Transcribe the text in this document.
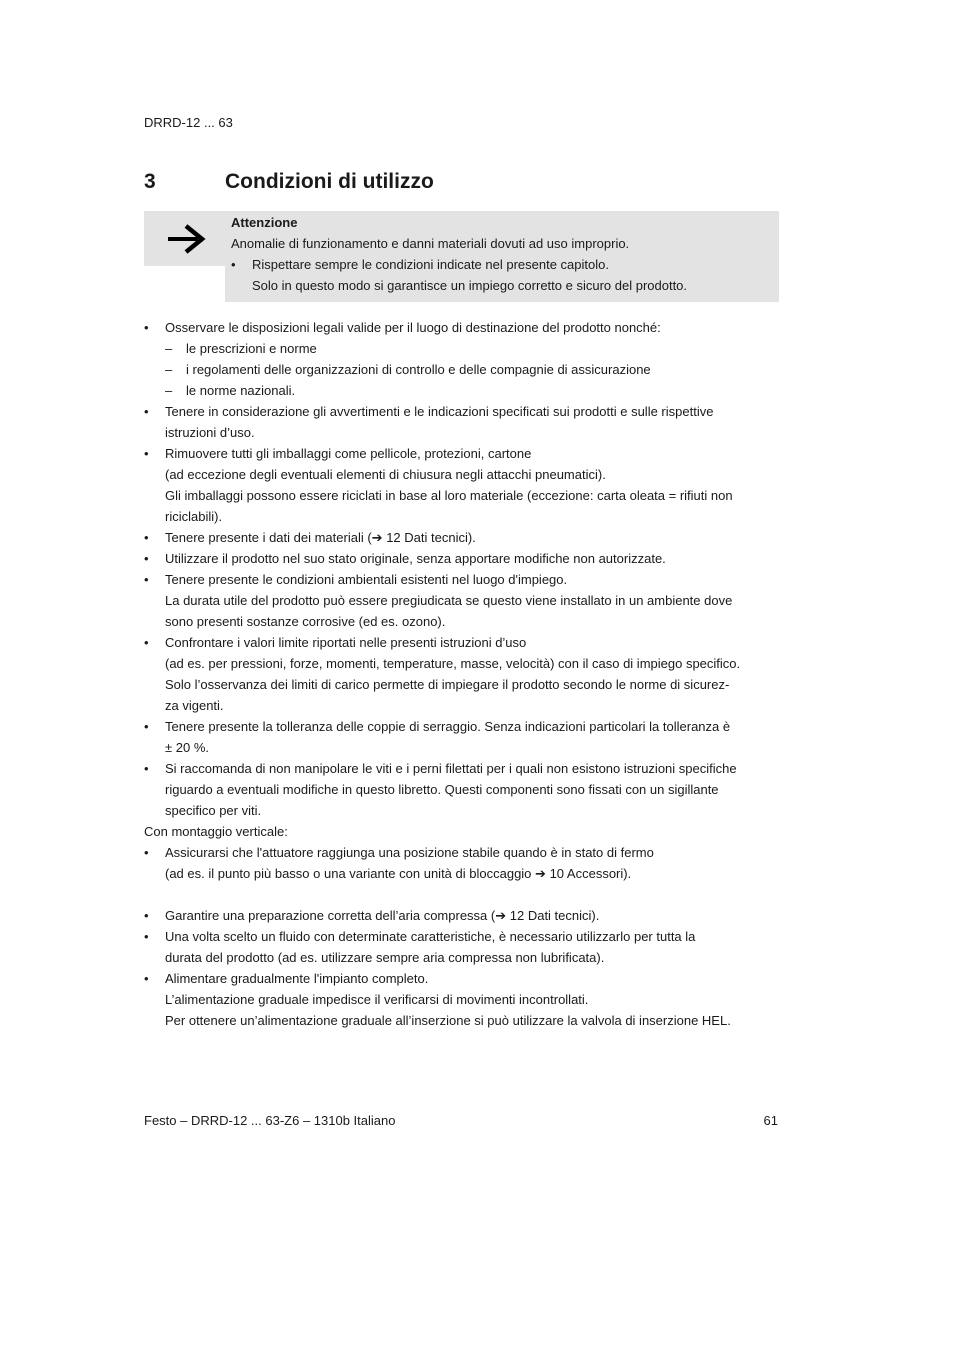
DRRD-12 ... 63
3	Condizioni di utilizzo
Attenzione
Anomalie di funzionamento e danni materiali dovuti ad uso improprio.
• Rispettare sempre le condizioni indicate nel presente capitolo.
Solo in questo modo si garantisce un impiego corretto e sicuro del prodotto.
• Osservare le disposizioni legali valide per il luogo di destinazione del prodotto nonché:
– le prescrizioni e norme
– i regolamenti delle organizzazioni di controllo e delle compagnie di assicurazione
– le norme nazionali.
• Tenere in considerazione gli avvertimenti e le indicazioni specificati sui prodotti e sulle rispettive
istruzioni d’uso.
• Rimuovere tutti gli imballaggi come pellicole, protezioni, cartone
(ad eccezione degli eventuali elementi di chiusura negli attacchi pneumatici).
Gli imballaggi possono essere riciclati in base al loro materiale (eccezione: carta oleata = rifiuti non
riciclabili).
• Tenere presente i dati dei materiali (➔ 12 Dati tecnici).
• Utilizzare il prodotto nel suo stato originale, senza apportare modifiche non autorizzate.
• Tenere presente le condizioni ambientali esistenti nel luogo d'impiego.
La durata utile del prodotto può essere pregiudicata se questo viene installato in un ambiente dove
sono presenti sostanze corrosive (ed es. ozono).
• Confrontare i valori limite riportati nelle presenti istruzioni d’uso
(ad es. per pressioni, forze, momenti, temperature, masse, velocità) con il caso di impiego specifico.
Solo l’osservanza dei limiti di carico permette di impiegare il prodotto secondo le norme di sicurez-
za vigenti.
• Tenere presente la tolleranza delle coppie di serraggio. Senza indicazioni particolari la tolleranza è
± 20 %.
• Si raccomanda di non manipolare le viti e i perni filettati per i quali non esistono istruzioni specifiche
riguardo a eventuali modifiche in questo libretto. Questi componenti sono fissati con un sigillante
specifico per viti.
Con montaggio verticale:
• Assicurarsi che l'attuatore raggiunga una posizione stabile quando è in stato di fermo
(ad es. il punto più basso o una variante con unità di bloccaggio ➔ 10 Accessori).
• Garantire una preparazione corretta dell’aria compressa (➔ 12 Dati tecnici).
• Una volta scelto un fluido con determinate caratteristiche, è necessario utilizzarlo per tutta la
durata del prodotto (ad es. utilizzare sempre aria compressa non lubrificata).
• Alimentare gradualmente l'impianto completo.
L’alimentazione graduale impedisce il verificarsi di movimenti incontrollati.
Per ottenere un’alimentazione graduale all’inserzione si può utilizzare la valvola di inserzione HEL.
Festo – DRRD-12 ... 63-Z6 – 1310b Italiano	61
